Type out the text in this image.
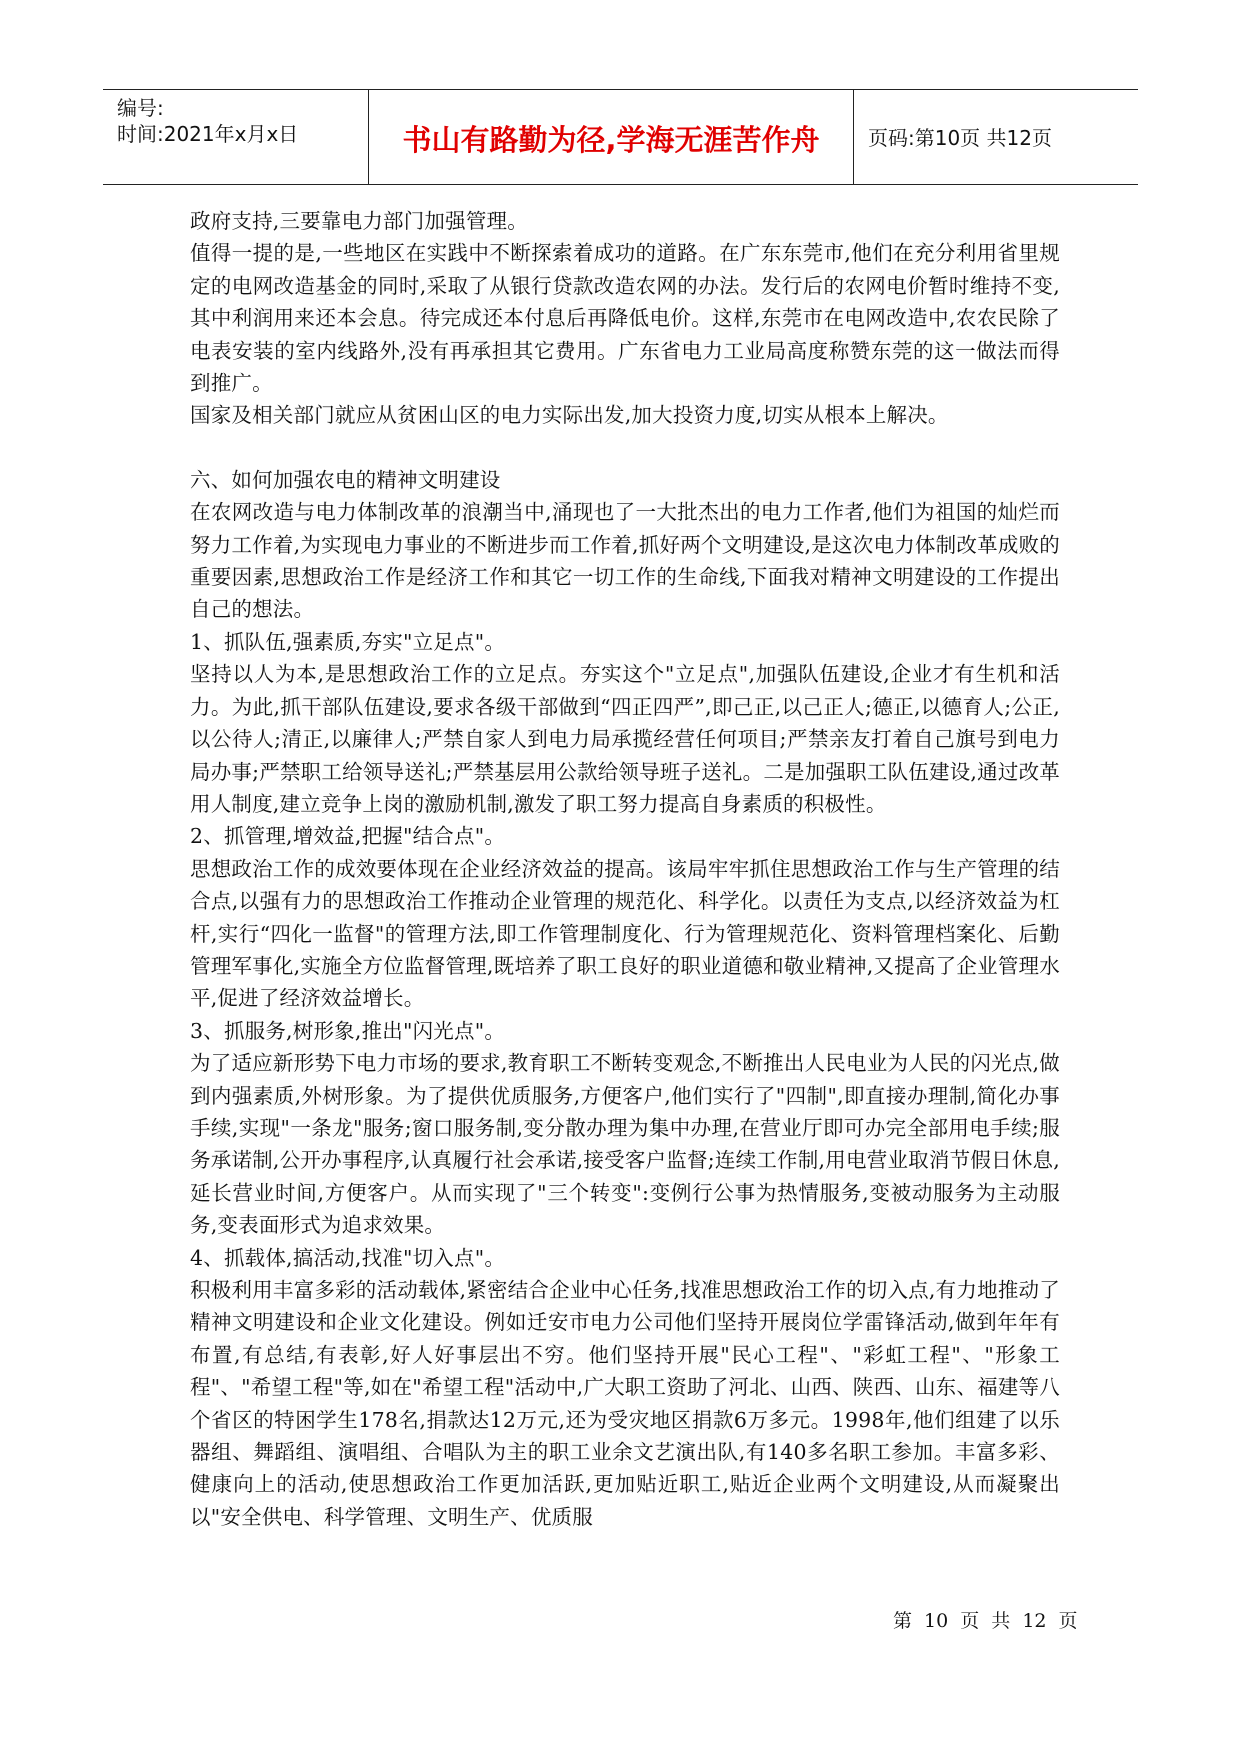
编号:
时间:2021年x月x日	书山有路勤为径,学海无涯苦作舟	页码:第10页 共12页

政府支持,三要靠电力部门加强管理。

值得一提的是,一些地区在实践中不断探索着成功的道路。在广东东莞市,他们在充分利用省里规定的电网改造基金的同时,采取了从银行贷款改造农网的办法。发行后的农网电价暂时维持不变,其中利润用来还本会息。待完成还本付息后再降低电价。这样,东莞市在电网改造中,农农民除了电表安装的室内线路外,没有再承担其它费用。广东省电力工业局高度称赞东莞的这一做法而得到推广。

国家及相关部门就应从贫困山区的电力实际出发,加大投资力度,切实从根本上解决。

六、如何加强农电的精神文明建设

在农网改造与电力体制改革的浪潮当中,涌现也了一大批杰出的电力工作者,他们为祖国的灿烂而努力工作着,为实现电力事业的不断进步而工作着,抓好两个文明建设,是这次电力体制改革成败的重要因素,思想政治工作是经济工作和其它一切工作的生命线,下面我对精神文明建设的工作提出自己的想法。

1、抓队伍,强素质,夯实"立足点"。

坚持以人为本,是思想政治工作的立足点。夯实这个"立足点",加强队伍建设,企业才有生机和活力。为此,抓干部队伍建设,要求各级干部做到“四正四严”,即己正,以己正人;德正,以德育人;公正,以公待人;清正,以廉律人;严禁自家人到电力局承揽经营任何项目;严禁亲友打着自己旗号到电力局办事;严禁职工给领导送礼;严禁基层用公款给领导班子送礼。二是加强职工队伍建设,通过改革用人制度,建立竞争上岗的激励机制,激发了职工努力提高自身素质的积极性。

2、抓管理,增效益,把握"结合点"。

思想政治工作的成效要体现在企业经济效益的提高。该局牢牢抓住思想政治工作与生产管理的结合点,以强有力的思想政治工作推动企业管理的规范化、科学化。以责任为支点,以经济效益为杠杆,实行“四化一监督"的管理方法,即工作管理制度化、行为管理规范化、资料管理档案化、后勤管理军事化,实施全方位监督管理,既培养了职工良好的职业道德和敬业精神,又提高了企业管理水平,促进了经济效益增长。

3、抓服务,树形象,推出"闪光点"。

为了适应新形势下电力市场的要求,教育职工不断转变观念,不断推出人民电业为人民的闪光点,做到内强素质,外树形象。为了提供优质服务,方便客户,他们实行了"四制",即直接办理制,简化办事手续,实现"一条龙"服务;窗口服务制,变分散办理为集中办理,在营业厅即可办完全部用电手续;服务承诺制,公开办事程序,认真履行社会承诺,接受客户监督;连续工作制,用电营业取消节假日休息,延长营业时间,方便客户。从而实现了"三个转变":变例行公事为热情服务,变被动服务为主动服务,变表面形式为追求效果。

4、抓载体,搞活动,找准"切入点"。

积极利用丰富多彩的活动载体,紧密结合企业中心任务,找准思想政治工作的切入点,有力地推动了精神文明建设和企业文化建设。例如迁安市电力公司他们坚持开展岗位学雷锋活动,做到年年有布置,有总结,有表彰,好人好事层出不穷。他们坚持开展"民心工程"、"彩虹工程"、"形象工程"、"希望工程"等,如在"希望工程"活动中,广大职工资助了河北、山西、陕西、山东、福建等八个省区的特困学生178名,捐款达12万元,还为受灾地区捐款6万多元。1998年,他们组建了以乐器组、舞蹈组、演唱组、合唱队为主的职工业余文艺演出队,有140多名职工参加。丰富多彩、健康向上的活动,使思想政治工作更加活跃,更加贴近职工,贴近企业两个文明建设,从而凝聚出以"安全供电、科学管理、文明生产、优质服

第 10 页 共 12 页
